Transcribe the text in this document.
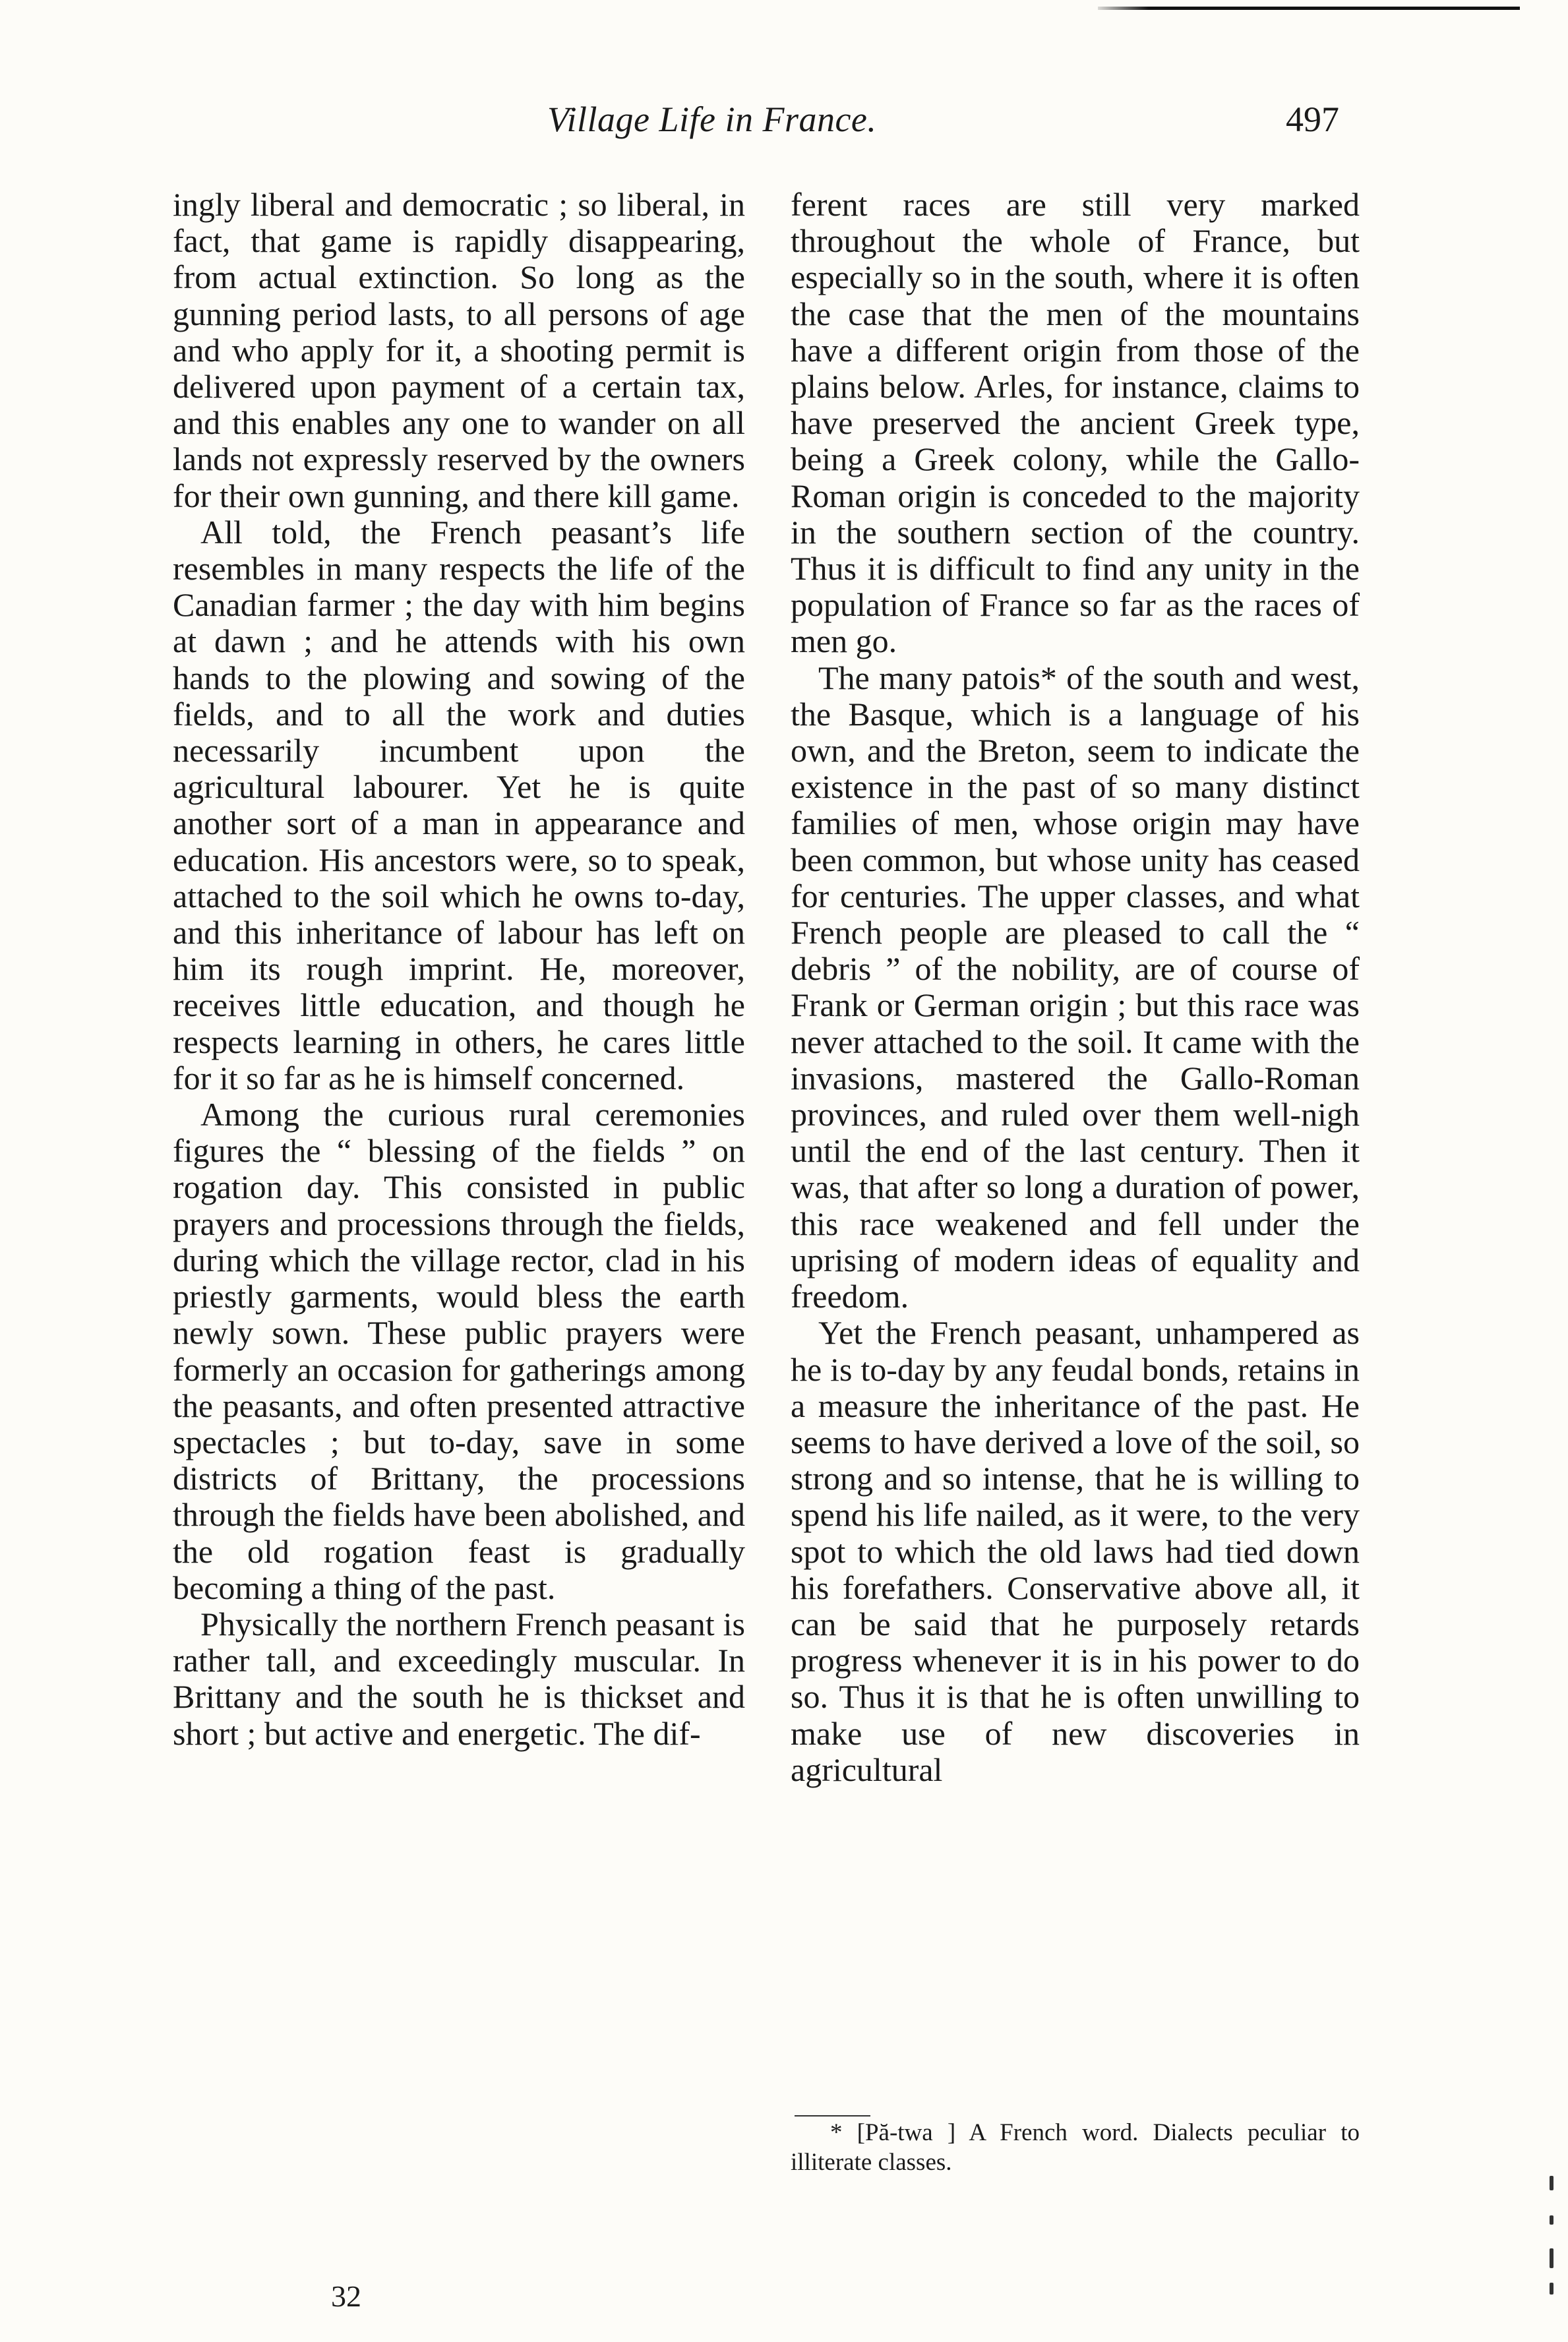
Village Life in France.	497

ingly liberal and democratic ; so liberal, in fact, that game is rapidly disappearing, from actual extinction. So long as the gunning period lasts, to all persons of age and who apply for it, a shooting permit is delivered upon payment of a certain tax, and this enables any one to wander on all lands not expressly reserved by the owners for their own gunning, and there kill game.

All told, the French peasant’s life resembles in many respects the life of the Canadian farmer ; the day with him begins at dawn ; and he attends with his own hands to the plowing and sowing of the fields, and to all the work and duties necessarily incumbent upon the agricultural labourer. Yet he is quite another sort of a man in appearance and education. His ancestors were, so to speak, attached to the soil which he owns to-day, and this inheritance of labour has left on him its rough imprint. He, moreover, receives little education, and though he respects learning in others, he cares little for it so far as he is himself concerned.

Among the curious rural ceremonies figures the “ blessing of the fields ” on rogation day. This consisted in public prayers and processions through the fields, during which the village rector, clad in his priestly garments, would bless the earth newly sown. These public prayers were formerly an occasion for gatherings among the peasants, and often presented attractive spectacles ; but to-day, save in some districts of Brittany, the processions through the fields have been abolished, and the old rogation feast is gradually becoming a thing of the past.

Physically the northern French peasant is rather tall, and exceedingly muscular. In Brittany and the south he is thickset and short ; but active and energetic. The dif-

ferent races are still very marked throughout the whole of France, but especially so in the south, where it is often the case that the men of the mountains have a different origin from those of the plains below. Arles, for instance, claims to have preserved the ancient Greek type, being a Greek colony, while the Gallo-Roman origin is conceded to the majority in the southern section of the country. Thus it is difficult to find any unity in the population of France so far as the races of men go.

The many patois* of the south and west, the Basque, which is a language of his own, and the Breton, seem to indicate the existence in the past of so many distinct families of men, whose origin may have been common, but whose unity has ceased for centuries. The upper classes, and what French people are pleased to call the “ debris ” of the nobility, are of course of Frank or German origin ; but this race was never attached to the soil. It came with the invasions, mastered the Gallo-Roman provinces, and ruled over them well-nigh until the end of the last century. Then it was, that after so long a duration of power, this race weakened and fell under the uprising of modern ideas of equality and freedom.

Yet the French peasant, unhampered as he is to-day by any feudal bonds, retains in a measure the inheritance of the past. He seems to have derived a love of the soil, so strong and so intense, that he is willing to spend his life nailed, as it were, to the very spot to which the old laws had tied down his forefathers. Conservative above all, it can be said that he purposely retards progress whenever it is in his power to do so. Thus it is that he is often unwilling to make use of new discoveries in agricultural

* [Pă-twa ] A French word. Dialects peculiar to illiterate classes.
32
